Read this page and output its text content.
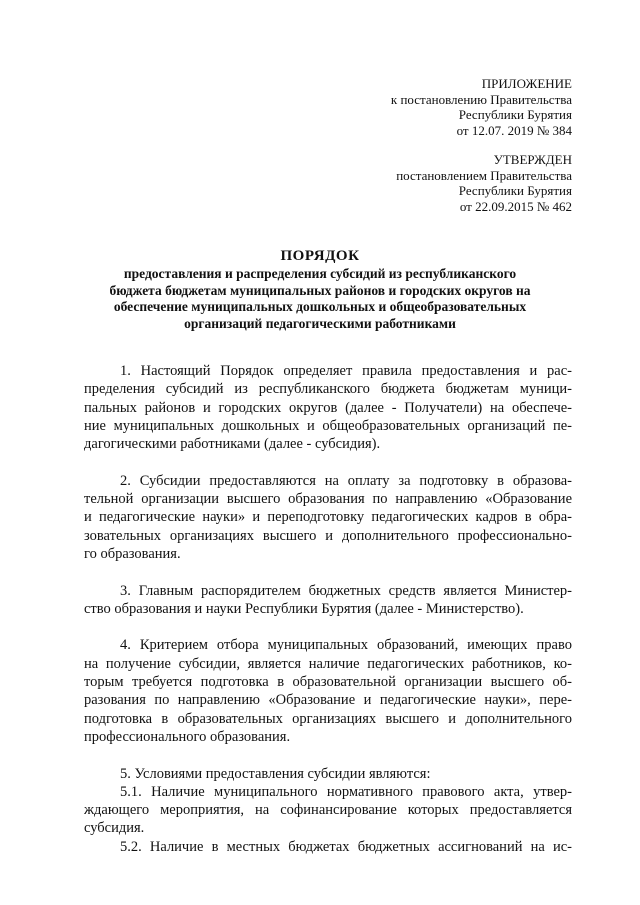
ПРИЛОЖЕНИЕ
к постановлению Правительства
Республики Бурятия
от 12.07. 2019 № 384
УТВЕРЖДЕН
постановлением Правительства
Республики Бурятия
от 22.09.2015 № 462
ПОРЯДОК
предоставления и распределения субсидий из республиканского
бюджета бюджетам муниципальных районов и городских округов на
обеспечение муниципальных дошкольных и общеобразовательных
организаций педагогическими работниками
1. Настоящий Порядок определяет правила предоставления и рас-
пределения субсидий из республиканского бюджета бюджетам муници-
пальных районов и городских округов (далее - Получатели) на обеспече-
ние муниципальных дошкольных и общеобразовательных организаций пе-
дагогическими работниками (далее - субсидия).
2. Субсидии предоставляются на оплату за подготовку в образова-
тельной организации высшего образования по направлению «Образование
и педагогические науки» и переподготовку педагогических кадров в обра-
зовательных организациях высшего и дополнительного профессионально-
го образования.
3. Главным распорядителем бюджетных средств является Министер-
ство образования и науки Республики Бурятия (далее - Министерство).
4. Критерием отбора муниципальных образований, имеющих право
на получение субсидии, является наличие педагогических работников, ко-
торым требуется подготовка в образовательной организации высшего об-
разования по направлению «Образование и педагогические науки», пере-
подготовка в образовательных организациях высшего и дополнительного
профессионального образования.
5. Условиями предоставления субсидии являются:
5.1. Наличие муниципального нормативного правового акта, утвер-
ждающего мероприятия, на софинансирование которых предоставляется
субсидия.
5.2. Наличие в местных бюджетах бюджетных ассигнований на ис-
